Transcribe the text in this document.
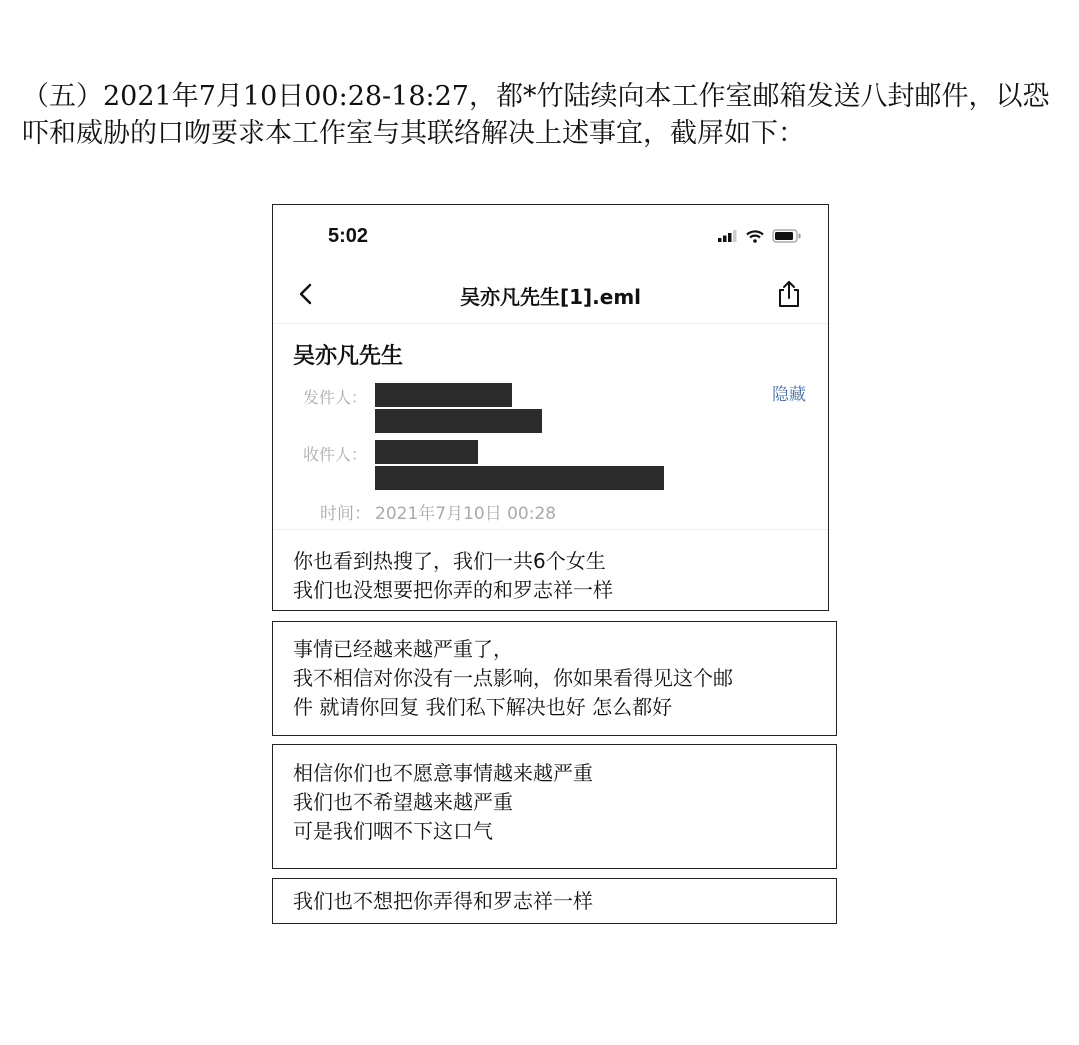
（五）2021年7月10日00:28-18:27，都*竹陆续向本工作室邮箱发送八封邮件，以恐
吓和威胁的口吻要求本工作室与其联络解决上述事宜，截屏如下：
5:02
吴亦凡先生[1].eml
吴亦凡先生
隐藏
发件人：
收件人：
时间： 2021年7月10日 00:28
你也看到热搜了，我们一共6个女生
我们也没想要把你弄的和罗志祥一样
事情已经越来越严重了，
我不相信对你没有一点影响，你如果看得见这个邮
件 就请你回复 我们私下解决也好 怎么都好
相信你们也不愿意事情越来越严重
我们也不希望越来越严重
可是我们咽不下这口气
我们也不想把你弄得和罗志祥一样
